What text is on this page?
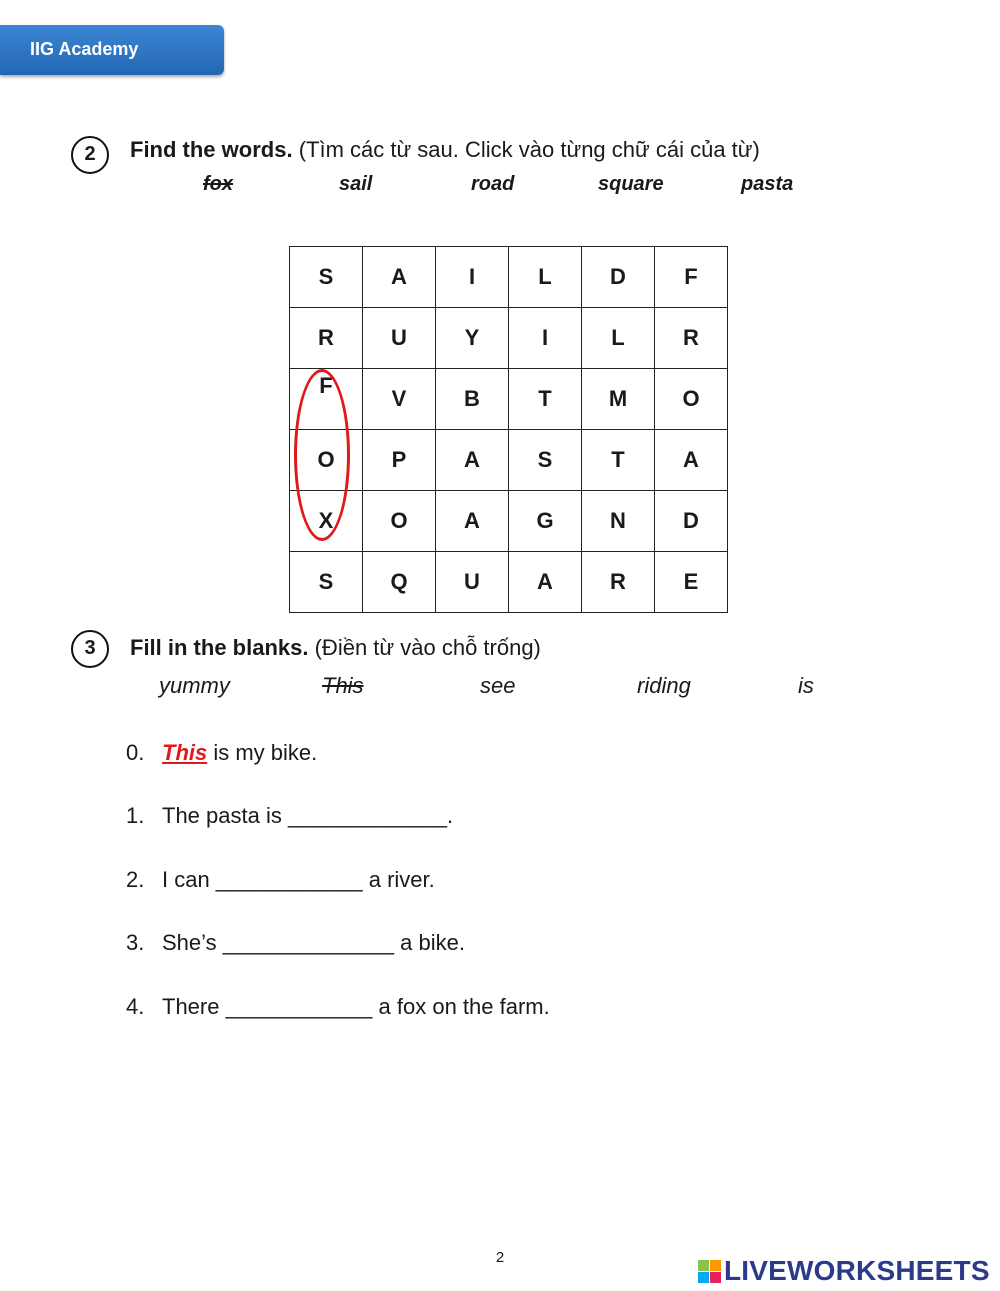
IIG Academy
2	Find the words. (Tìm các từ sau. Click vào từng chữ cái của từ)
fox	sail	road	square	pasta
S	A	I	L	D	F
R	U	Y	I	L	R
F	V	B	T	M	O
O	P	A	S	T	A
X	O	A	G	N	D
S	Q	U	A	R	E
3	Fill in the blanks. (Điền từ vào chỗ trống)
yummy	This	see	riding	is
0. This is my bike.
1. The pasta is _____________.
2. I can ____________ a river.
3. She’s ______________ a bike.
4. There ____________ a fox on the farm.
2	LIVEWORKSHEETS
